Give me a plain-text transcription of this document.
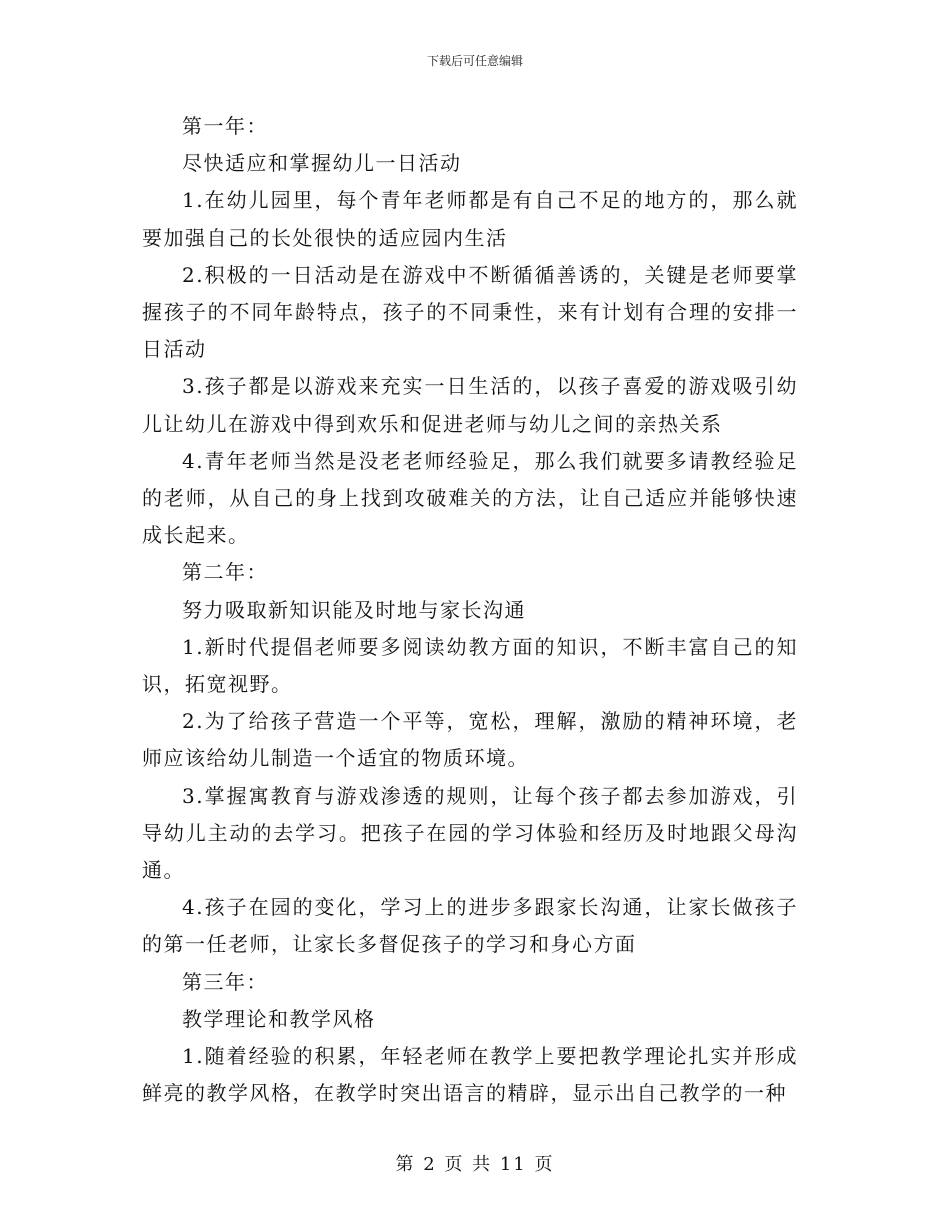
下载后可任意编辑

第一年：

尽快适应和掌握幼儿一日活动

1.在幼儿园里，每个青年老师都是有自己不足的地方的，那么就要加强自己的长处很快的适应园内生活

2.积极的一日活动是在游戏中不断循循善诱的，关键是老师要掌握孩子的不同年龄特点，孩子的不同秉性，来有计划有合理的安排一日活动

3.孩子都是以游戏来充实一日生活的，以孩子喜爱的游戏吸引幼儿让幼儿在游戏中得到欢乐和促进老师与幼儿之间的亲热关系

4.青年老师当然是没老老师经验足，那么我们就要多请教经验足的老师，从自己的身上找到攻破难关的方法，让自己适应并能够快速成长起来。

第二年：

努力吸取新知识能及时地与家长沟通

1.新时代提倡老师要多阅读幼教方面的知识，不断丰富自己的知识，拓宽视野。

2.为了给孩子营造一个平等，宽松，理解，激励的精神环境，老师应该给幼儿制造一个适宜的物质环境。

3.掌握寓教育与游戏渗透的规则，让每个孩子都去参加游戏，引导幼儿主动的去学习。把孩子在园的学习体验和经历及时地跟父母沟通。

4.孩子在园的变化，学习上的进步多跟家长沟通，让家长做孩子的第一任老师，让家长多督促孩子的学习和身心方面

第三年：

教学理论和教学风格

1.随着经验的积累，年轻老师在教学上要把教学理论扎实并形成鲜亮的教学风格，在教学时突出语言的精辟，显示出自己教学的一种

第 2 页 共 11 页
